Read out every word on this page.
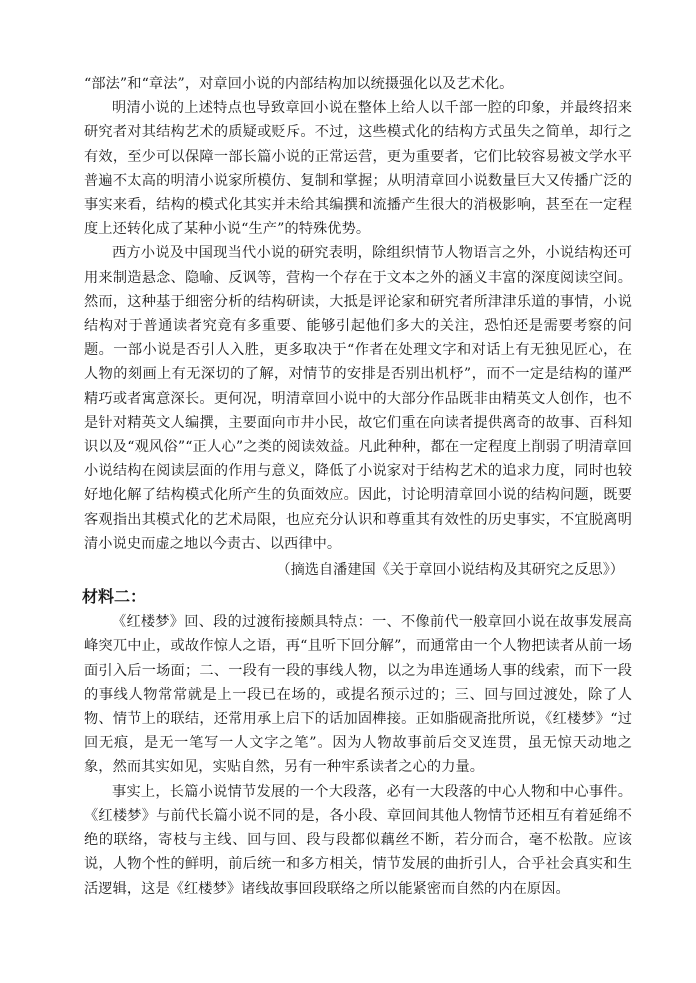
“部法”和“章法”，对章回小说的内部结构加以统摄强化以及艺术化。

明清小说的上述特点也导致章回小说在整体上给人以千部一腔的印象，并最终招来研究者对其结构艺术的质疑或贬斥。不过，这些模式化的结构方式虽失之简单，却行之有效，至少可以保障一部长篇小说的正常运营，更为重要者，它们比较容易被文学水平普遍不太高的明清小说家所模仿、复制和掌握；从明清章回小说数量巨大又传播广泛的事实来看，结构的模式化其实并未给其编撰和流播产生很大的消极影响，甚至在一定程度上还转化成了某种小说“生产”的特殊优势。

西方小说及中国现当代小说的研究表明，除组织情节人物语言之外，小说结构还可用来制造悬念、隐喻、反讽等，营构一个存在于文本之外的涵义丰富的深度阅读空间。然而，这种基于细密分析的结构研读，大抵是评论家和研究者所津津乐道的事情，小说结构对于普通读者究竟有多重要、能够引起他们多大的关注，恐怕还是需要考察的问题。一部小说是否引人入胜，更多取决于“作者在处理文字和对话上有无独见匠心，在人物的刻画上有无深切的了解，对情节的安排是否别出机杼”，而不一定是结构的谨严精巧或者寓意深长。更何况，明清章回小说中的大部分作品既非由精英文人创作，也不是针对精英文人编撰，主要面向市井小民，故它们重在向读者提供离奇的故事、百科知识以及“观风俗”“正人心”之类的阅读效益。凡此种种，都在一定程度上削弱了明清章回小说结构在阅读层面的作用与意义，降低了小说家对于结构艺术的追求力度，同时也较好地化解了结构模式化所产生的负面效应。因此，讨论明清章回小说的结构问题，既要客观指出其模式化的艺术局限，也应充分认识和尊重其有效性的历史事实，不宜脱离明清小说史而虚之地以今责古、以西律中。

（摘选自潘建国《关于章回小说结构及其研究之反思》）

材料二：

《红楼梦》回、段的过渡衔接颇具特点：一、不像前代一般章回小说在故事发展高峰突兀中止，或故作惊人之语，再“且听下回分解”，而通常由一个人物把读者从前一场面引入后一场面；二、一段有一段的事线人物，以之为串连通场人事的线索，而下一段的事线人物常常就是上一段已在场的，或提名预示过的；三、回与回过渡处，除了人物、情节上的联结，还常用承上启下的话加固榫接。正如脂砚斋批所说，《红楼梦》“过回无痕，是无一笔写一人文字之笔”。因为人物故事前后交叉连贯，虽无惊天动地之象，然而其实如见，实贴自然，另有一种牢系读者之心的力量。

事实上，长篇小说情节发展的一个大段落，必有一大段落的中心人物和中心事件。《红楼梦》与前代长篇小说不同的是，各小段、章回间其他人物情节还相互有着延绵不绝的联络，寄枝与主线、回与回、段与段都似藕丝不断，若分而合，毫不松散。应该说，人物个性的鲜明，前后统一和多方相关，情节发展的曲折引人，合乎社会真实和生活逻辑，这是《红楼梦》诸线故事回段联络之所以能紧密而自然的内在原因。
